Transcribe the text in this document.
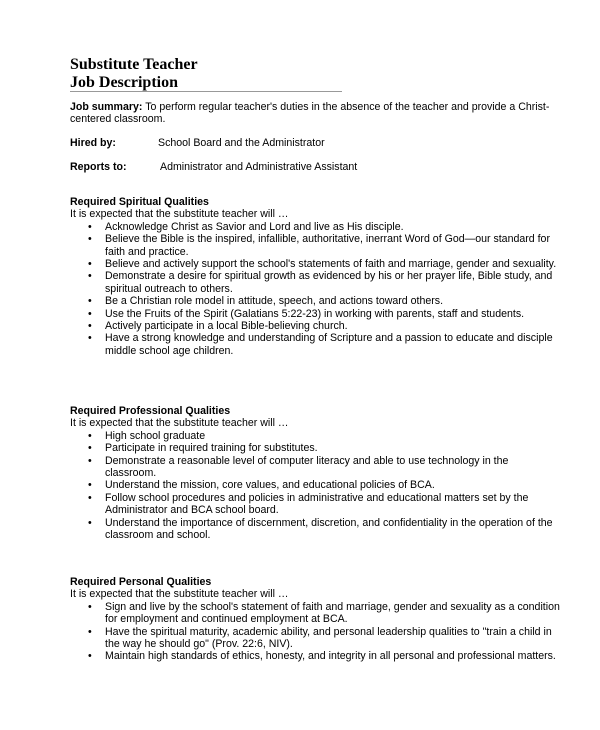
Substitute Teacher
Job Description
Job summary: To perform regular teacher's duties in the absence of the teacher and provide a Christ-centered classroom.
Hired by:	School Board and the Administrator
Reports to:	Administrator and Administrative Assistant
Required Spiritual Qualities

It is expected that the substitute teacher will …

• Acknowledge Christ as Savior and Lord and live as His disciple.
• Believe the Bible is the inspired, infallible, authoritative, inerrant Word of God—our standard for faith and practice.
• Believe and actively support the school's statements of faith and marriage, gender and sexuality.
• Demonstrate a desire for spiritual growth as evidenced by his or her prayer life, Bible study, and spiritual outreach to others.
• Be a Christian role model in attitude, speech, and actions toward others.
• Use the Fruits of the Spirit (Galatians 5:22-23) in working with parents, staff and students.
• Actively participate in a local Bible-believing church.
• Have a strong knowledge and understanding of Scripture and a passion to educate and disciple middle school age children.
Required Professional Qualities

It is expected that the substitute teacher will …

• High school graduate
• Participate in required training for substitutes.
• Demonstrate a reasonable level of computer literacy and able to use technology in the classroom.
• Understand the mission, core values, and educational policies of BCA.
• Follow school procedures and policies in administrative and educational matters set by the Administrator and BCA school board.
• Understand the importance of discernment, discretion, and confidentiality in the operation of the classroom and school.
Required Personal Qualities

It is expected that the substitute teacher will …

• Sign and live by the school's statement of faith and marriage, gender and sexuality as a condition for employment and continued employment at BCA.
• Have the spiritual maturity, academic ability, and personal leadership qualities to "train a child in the way he should go" (Prov. 22:6, NIV).
• Maintain high standards of ethics, honesty, and integrity in all personal and professional matters.
